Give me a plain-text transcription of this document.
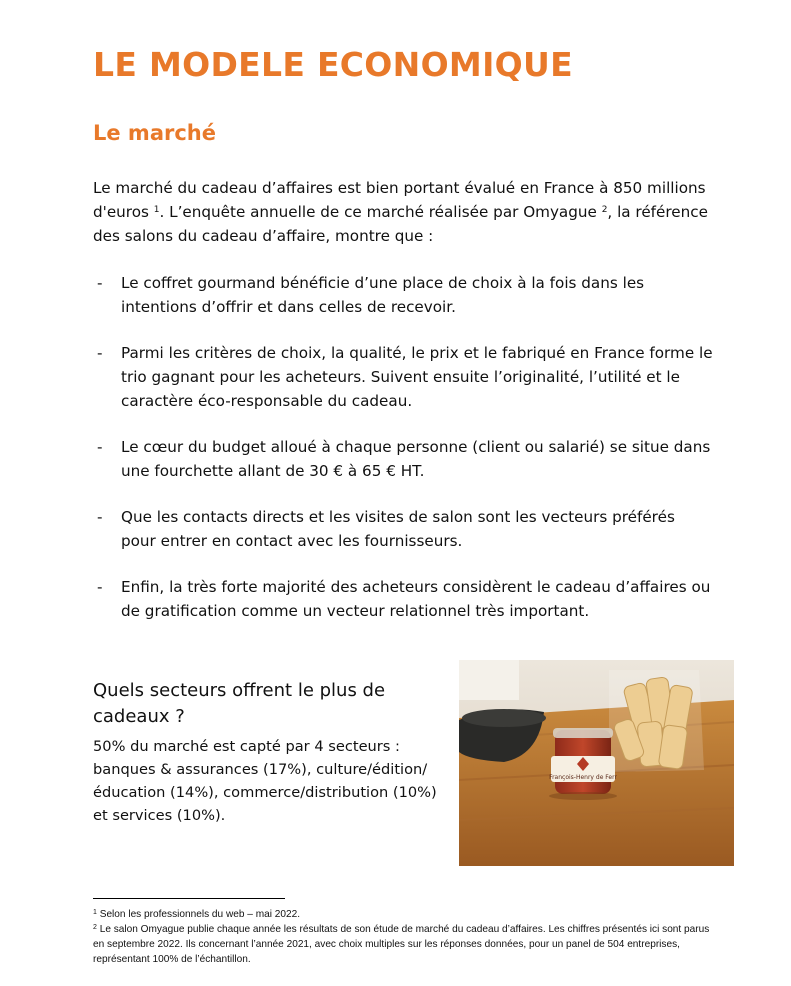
LE MODELE ECONOMIQUE
Le marché

Le marché du cadeau d’affaires est bien portant évalué en France à 850 millions d'euros $^1$. L’enquête annuelle de ce marché réalisée par Omyague $^2$, la référence des salons du cadeau d’affaire, montre que :

- Le coffret gourmand bénéficie d’une place de choix à la fois dans les intentions d’offrir et dans celles de recevoir.
- Parmi les critères de choix, la qualité, le prix et le fabriqué en France forme le trio gagnant pour les acheteurs. Suivent ensuite l’originalité, l’utilité et le caractère éco-responsable du cadeau.
- Le cœur du budget alloué à chaque personne (client ou salarié) se situe dans une fourchette allant de 30 € à 65 € HT.
- Que les contacts directs et les visites de salon sont les vecteurs préférés pour entrer en contact avec les fournisseurs.
- Enfin, la très forte majorité des acheteurs considèrent le cadeau d’affaires ou de gratification comme un vecteur relationnel très important.
Quels secteurs offrent le plus de cadeaux ?

50% du marché est capté par 4 secteurs : banques & assurances (17%), culture/édition/éducation (14%), commerce/distribution (10%) et services (10%).

François-Henry de Ferr

$^1$ Selon les professionnels du web – mai 2022.

$^2$ Le salon Omyague publie chaque année les résultats de son étude de marché du cadeau d’affaires. Les chiffres présentés ici sont parus en septembre 2022. Ils concernant l’année 2021, avec choix multiples sur les réponses données, pour un panel de 504 entreprises, représentant 100% de l’échantillon.
